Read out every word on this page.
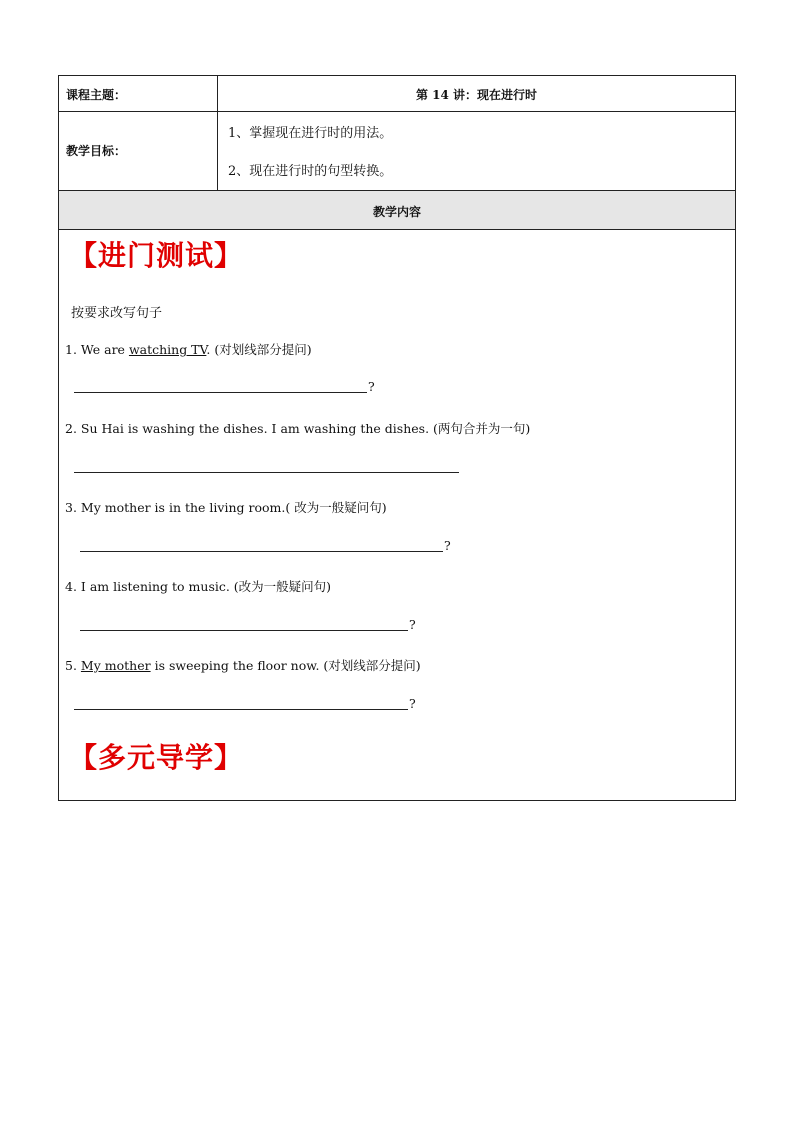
课程主题：	第 14 讲：现在进行时
教学目标：
1、掌握现在进行时的用法。
2、现在进行时的句型转换。
教学内容
【进门测试】
按要求改写句子
1. We are watching TV. (对划线部分提问)
?
2. Su Hai is washing the dishes. I am washing the dishes. (两句合并为一句)
3. My mother is in the living room.( 改为一般疑问句)
?
4. I am listening to music. (改为一般疑问句)
?
5. My mother is sweeping the floor now. (对划线部分提问)
?
【多元导学】
